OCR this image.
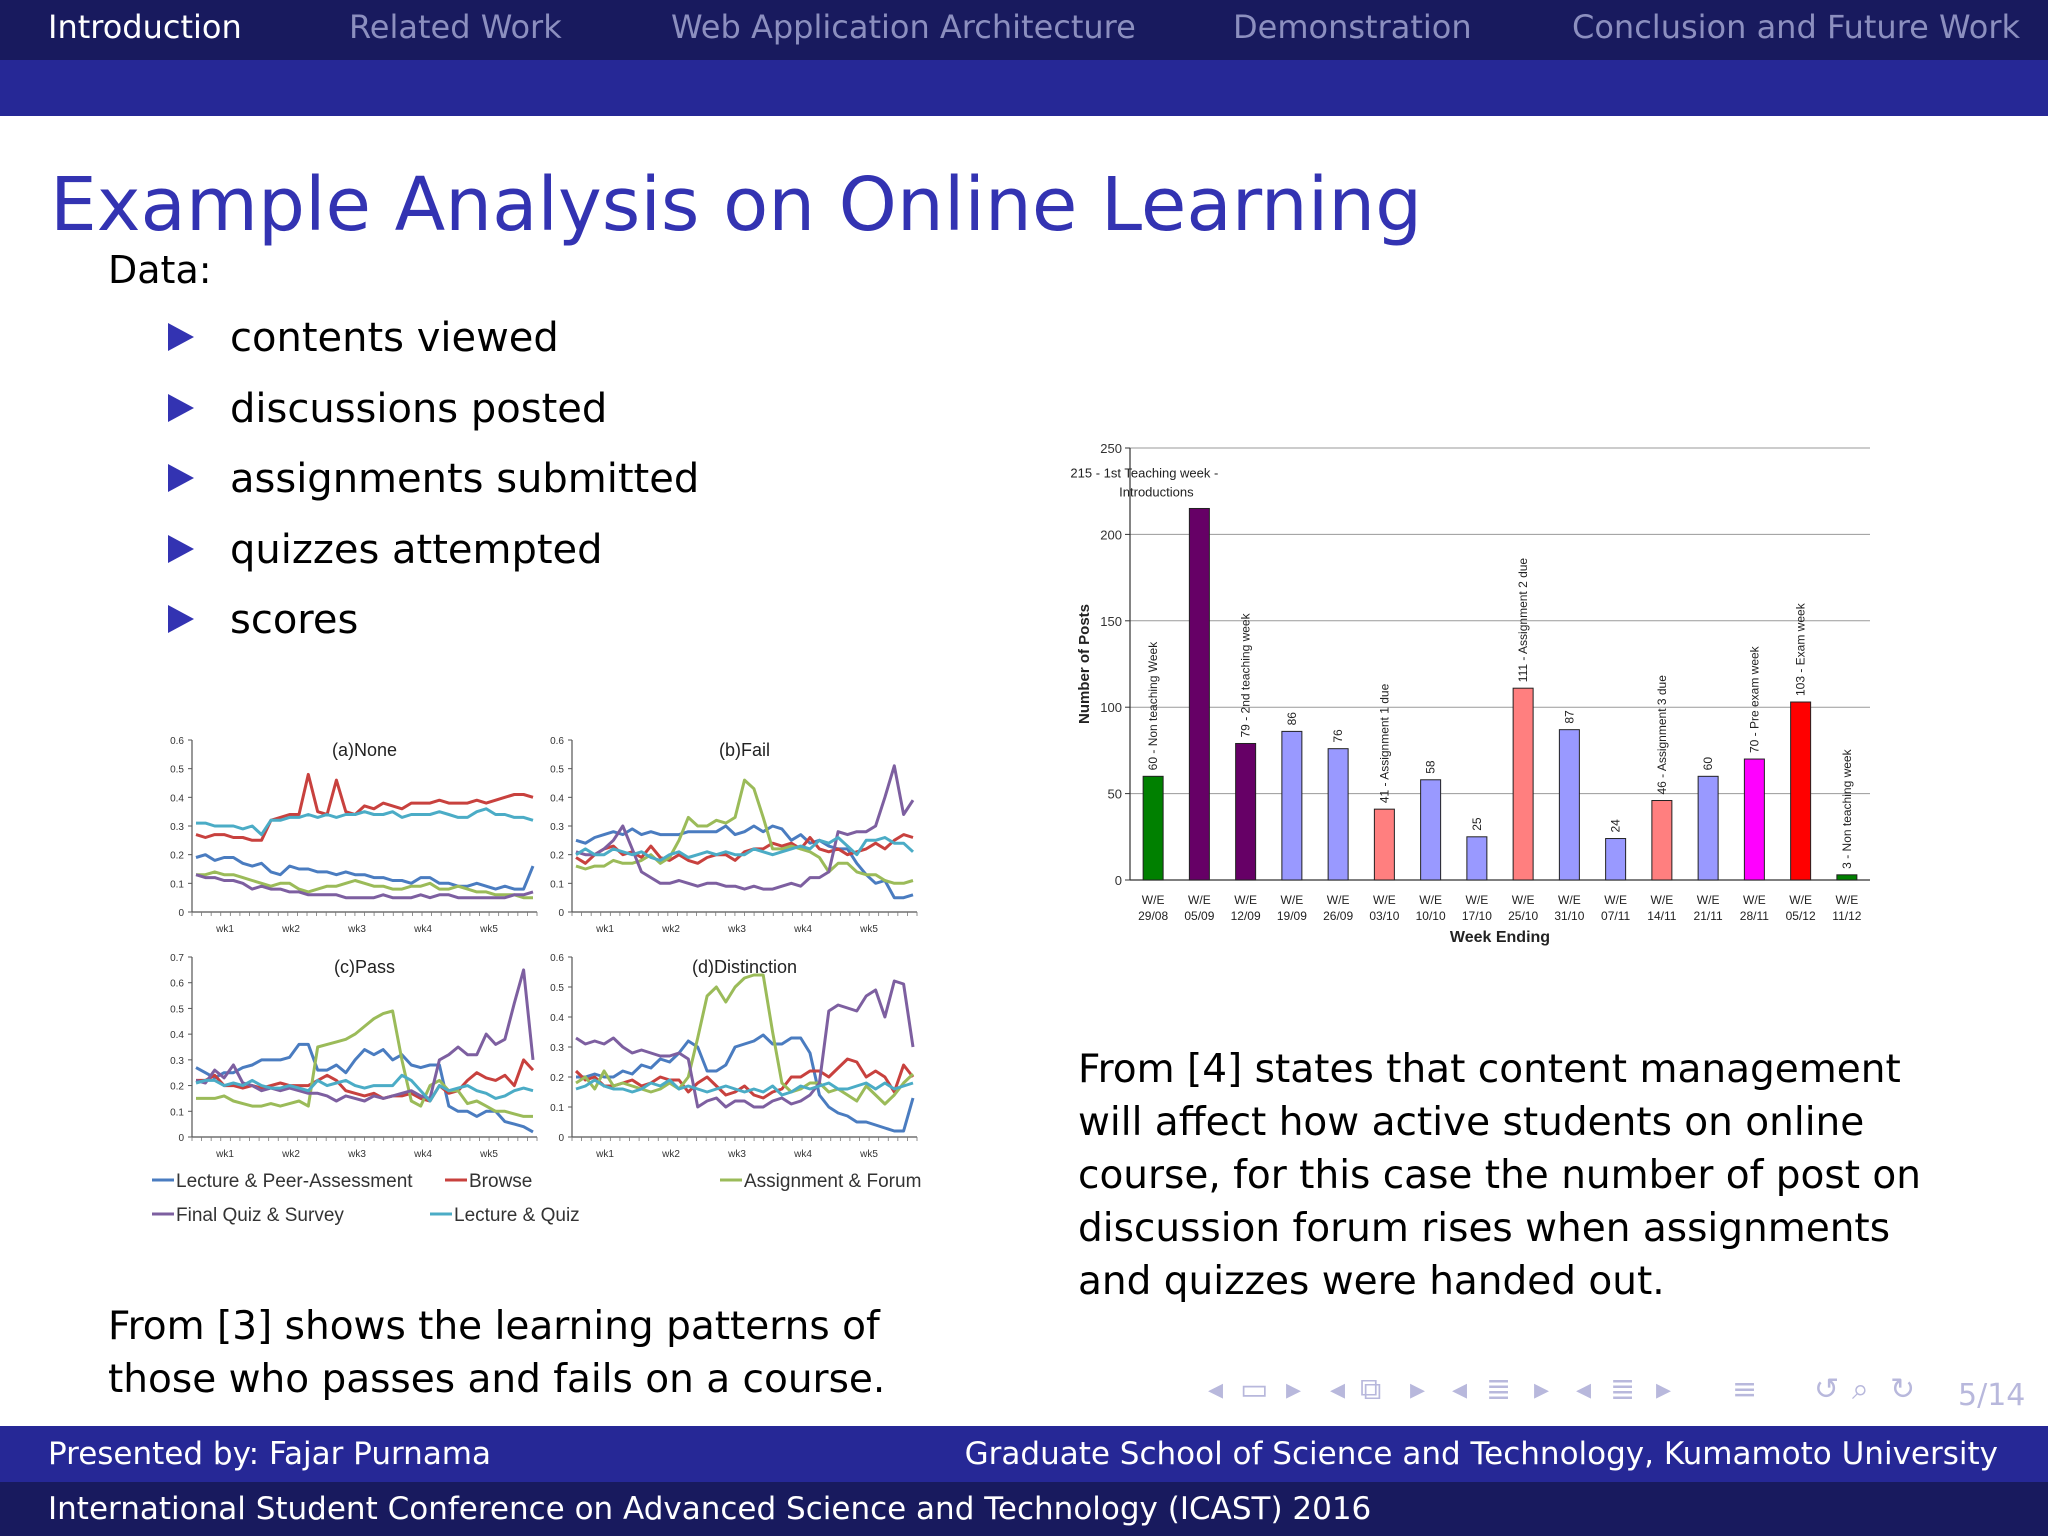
Introduction	Related Work	Web Application Architecture	Demonstration	Conclusion and Future Work
Example Analysis on Online Learning
Data:
contents viewed
discussions posted
assignments submitted
quizzes attempted
scores
0
0.1
0.2
0.3
0.4
0.5
0.6
wk1	wk2	wk3	wk4	wk5
(a)None
0
0.1
0.2
0.3
0.4
0.5
0.6
wk1	wk2	wk3	wk4	wk5
(b)Fail
0
0.1
0.2
0.3
0.4
0.5
0.6
0.7
wk1	wk2	wk3	wk4	wk5
(c)Pass
0
0.1
0.2
0.3
0.4
0.5
0.6
wk1	wk2	wk3	wk4	wk5
(d)Distinction
Lecture & Peer-Assessment	Browse	Assignment & Forum
Final Quiz & Survey	Lecture & Quiz
0
50
100
150
200
250
W/E
29/08
60 - Non teaching Week
W/E
05/09
W/E
12/09
79 - 2nd teaching week
W/E
19/09
86
W/E
26/09
76
W/E
03/10
41 - Assignment 1 due
W/E
10/10
58
W/E
17/10
25
W/E
25/10
111 - Assignment 2 due
W/E
31/10
87
W/E
07/11
24
W/E
14/11
46 - Assignment 3 due
W/E
21/11
60
W/E
28/11
70 - Pre exam week
W/E
05/12
103 - Exam week
W/E
11/12
3 - Non teaching week
215 - 1st Teaching week -
Introductions
Week Ending
Number of Posts
From [3] shows the learning patterns of those who passes and fails on a course.
From [4] states that content management will affect how active students on online course, for this case the number of post on discussion forum rises when assignments and quizzes were handed out.
◂ ▭ ▸ ◂ ⧉ ▸ ◂ ≣ ▸ ◂ ≣ ▸ ≡ ↺ ⌕ ↻ 5/14
Presented by: Fajar Purnama	Graduate School of Science and Technology, Kumamoto University
International Student Conference on Advanced Science and Technology (ICAST) 2016
